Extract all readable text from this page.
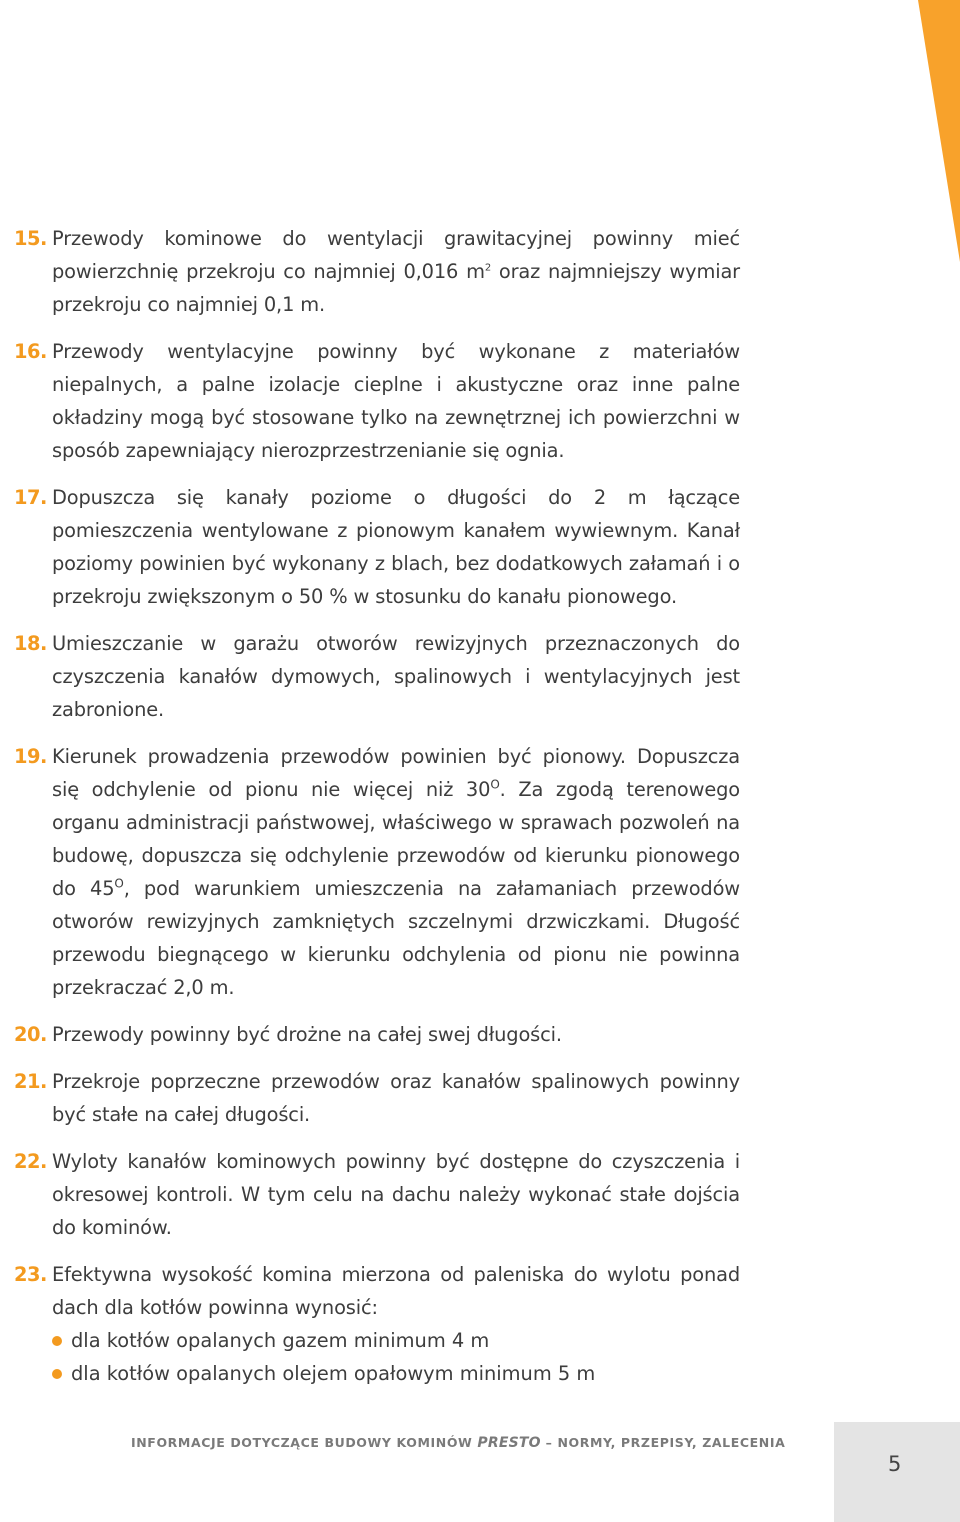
15. Przewody kominowe do wentylacji grawitacyjnej powinny mieć powierzchnię przekroju co najmniej 0,016 $m^2$ oraz najmniejszy wymiar przekroju co najmniej 0,1 m.
16. Przewody wentylacyjne powinny być wykonane z materiałów niepalnych, a palne izolacje cieplne i akustyczne oraz inne palne okładziny mogą być stosowane tylko na zewnętrznej ich powierzchni w sposób zapewniający nierozprzestrzenianie się ognia.
17. Dopuszcza się kanały poziome o długości do 2 m łączące pomieszczenia wentylowane z pionowym kanałem wywiewnym. Kanał poziomy powinien być wykonany z blach, bez dodatkowych załamań i o przekroju zwiększonym o 50 % w stosunku do kanału pionowego.
18. Umieszczanie w garażu otworów rewizyjnych przeznaczonych do czyszczenia kanałów dymowych, spalinowych i wentylacyjnych jest zabronione.
19. Kierunek prowadzenia przewodów powinien być pionowy. Dopuszcza się odchylenie od pionu nie więcej niż $30^O$. Za zgodą terenowego organu administracji państwowej, właściwego w sprawach pozwoleń na budowę, dopuszcza się odchylenie przewodów od kierunku pionowego do $45^O$, pod warunkiem umieszczenia na załamaniach przewodów otworów rewizyjnych zamkniętych szczelnymi drzwiczkami. Długość przewodu biegnącego w kierunku odchylenia od pionu nie powinna przekraczać 2,0 m.
20. Przewody powinny być drożne na całej swej długości.
21. Przekroje poprzeczne przewodów oraz kanałów spalinowych powinny być stałe na całej długości.
22. Wyloty kanałów kominowych powinny być dostępne do czyszczenia i okresowej kontroli. W tym celu na dachu należy wykonać stałe dojścia do kominów.
23. Efektywna wysokość komina mierzona od paleniska do wylotu ponad dach dla kotłów powinna wynosić:
dla kotłów opalanych gazem minimum 4 m
dla kotłów opalanych olejem opałowym minimum 5 m
INFORMACJE DOTYCZĄCE BUDOWY KOMINÓW PRESTO – NORMY, PRZEPISY, ZALECENIA
5
